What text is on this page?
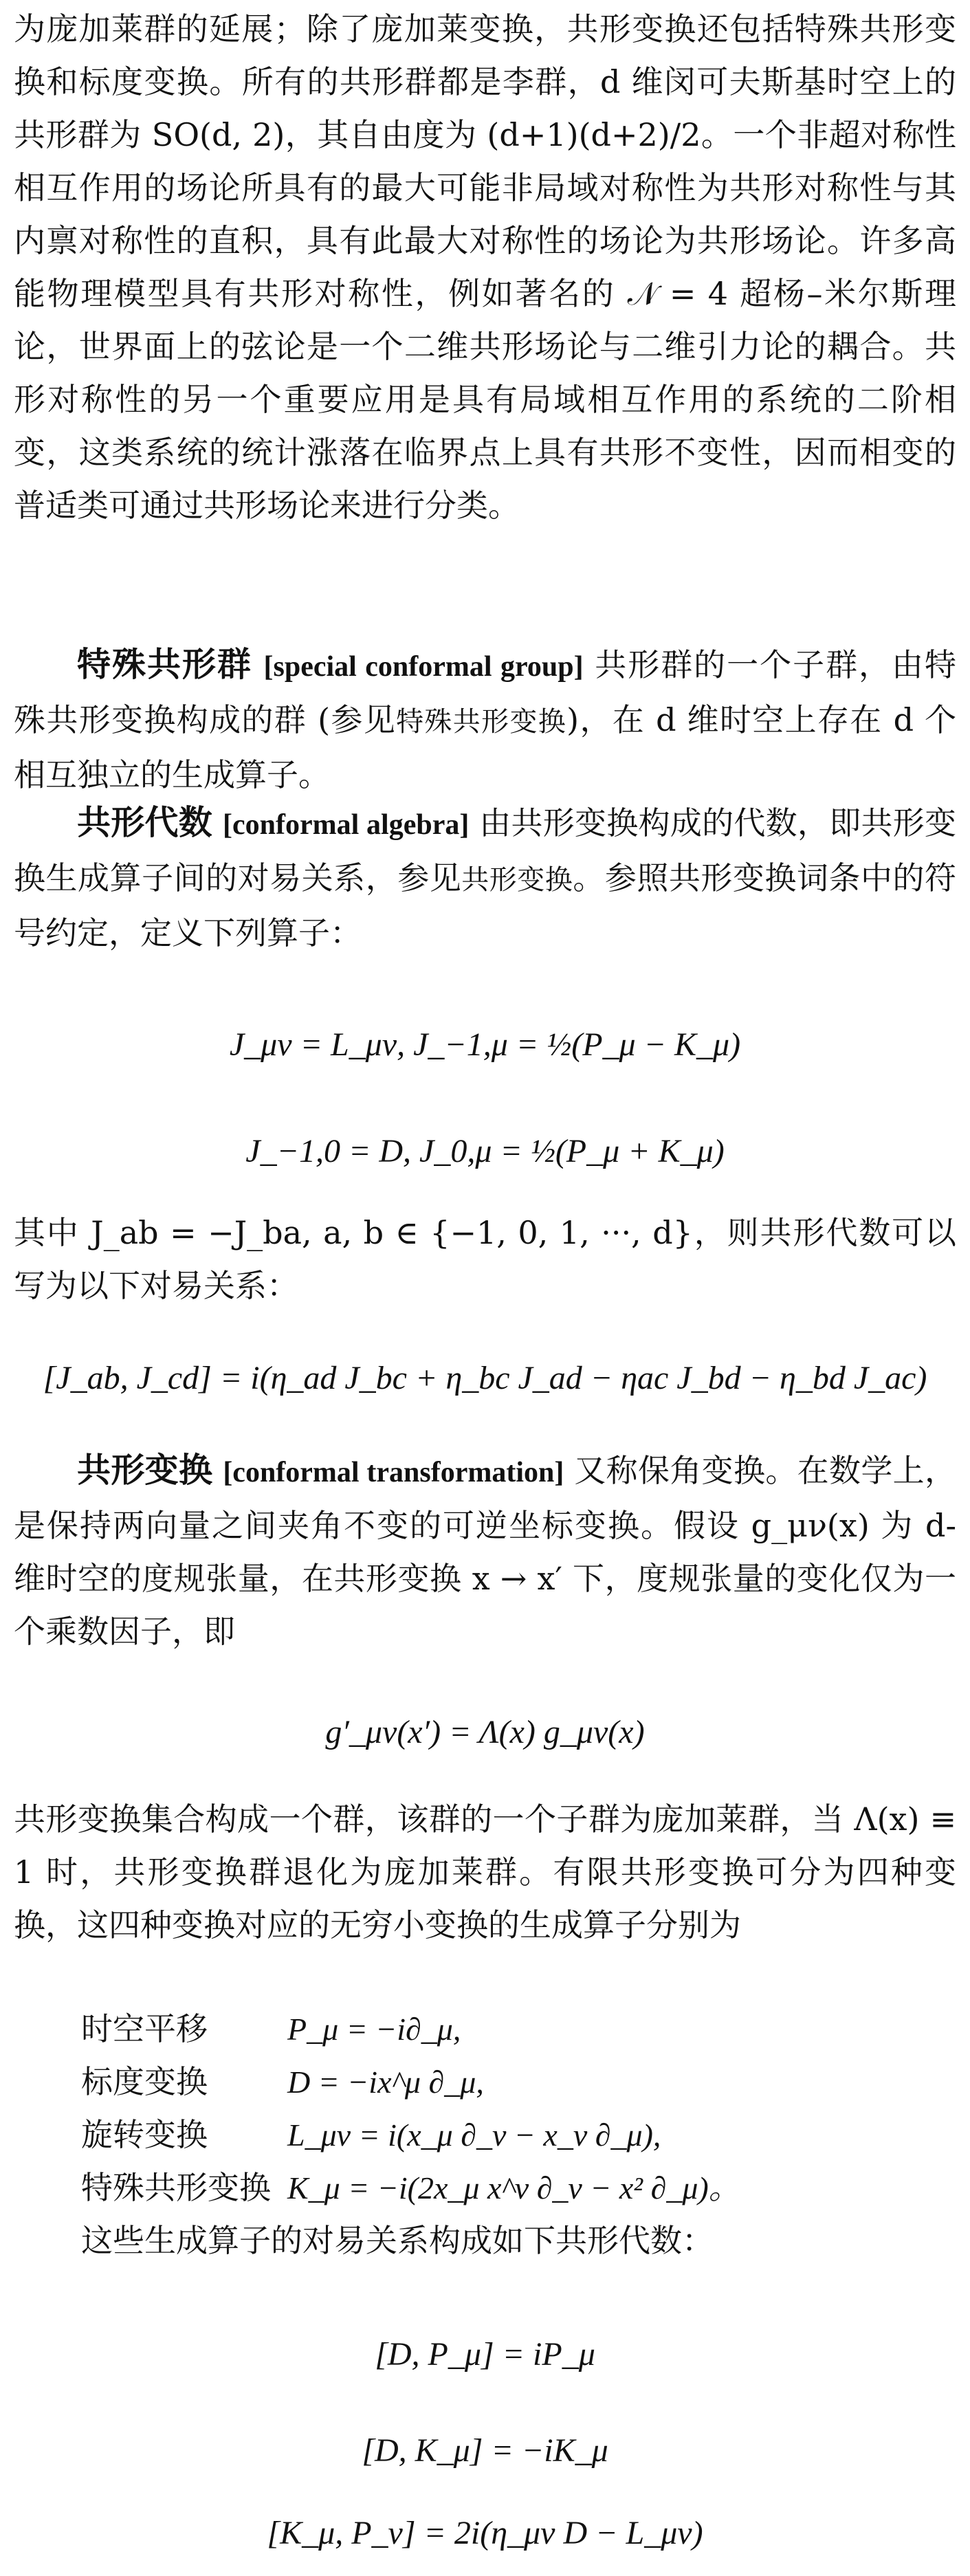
为庞加莱群的延展；除了庞加莱变换，共形变换还包括特殊共形变换和标度变换。所有的共形群都是李群，d 维闵可夫斯基时空上的共形群为 SO(d, 2)，其自由度为 (d+1)(d+2)/2。一个非超对称性相互作用的场论所具有的最大可能非局域对称性为共形对称性与其内禀对称性的直积，具有此最大对称性的场论为共形场论。许多高能物理模型具有共形对称性，例如著名的 𝒩 = 4 超杨–米尔斯理论，世界面上的弦论是一个二维共形场论与二维引力论的耦合。共形对称性的另一个重要应用是具有局域相互作用的系统的二阶相变，这类系统的统计涨落在临界点上具有共形不变性，因而相变的普适类可通过共形场论来进行分类。

特殊共形群 [special conformal group] 共形群的一个子群，由特殊共形变换构成的群 (参见特殊共形变换)，在 d 维时空上存在 d 个相互独立的生成算子。

共形代数 [conformal algebra] 由共形变换构成的代数，即共形变换生成算子间的对易关系，参见共形变换。参照共形变换词条中的符号约定，定义下列算子：

J_μν = L_μν, J_−1,μ = ½(P_μ − K_μ)
J_−1,0 = D, J_0,μ = ½(P_μ + K_μ)

其中 J_ab = −J_ba, a, b ∈ {−1, 0, 1, ···, d}，则共形代数可以写为以下对易关系：

[J_ab, J_cd] = i(η_ad J_bc + η_bc J_ad − ηac J_bd − η_bd J_ac)

共形变换 [conformal transformation] 又称保角变换。在数学上，是保持两向量之间夹角不变的可逆坐标变换。假设 g_μν(x) 为 d- 维时空的度规张量，在共形变换 x → x′ 下，度规张量的变化仅为一个乘数因子，即

g′_μν(x′) = Λ(x) g_μν(x)

共形变换集合构成一个群，该群的一个子群为庞加莱群，当 Λ(x) ≡ 1 时，共形变换群退化为庞加莱群。有限共形变换可分为四种变换，这四种变换对应的无穷小变换的生成算子分别为

时空平移	P_μ = −i∂_μ,
标度变换	D = −ix^μ ∂_μ,
旋转变换	L_μv = i(x_μ ∂_v − x_v ∂_μ),
特殊共形变换 K_μ = −i(2x_μ x^v ∂_v − x² ∂_μ)。
这些生成算子的对易关系构成如下共形代数：
[D, P_μ] = iP_μ
[D, K_μ] = −iK_μ
[K_μ, P_ν] = 2i(η_μν D − L_μν)
